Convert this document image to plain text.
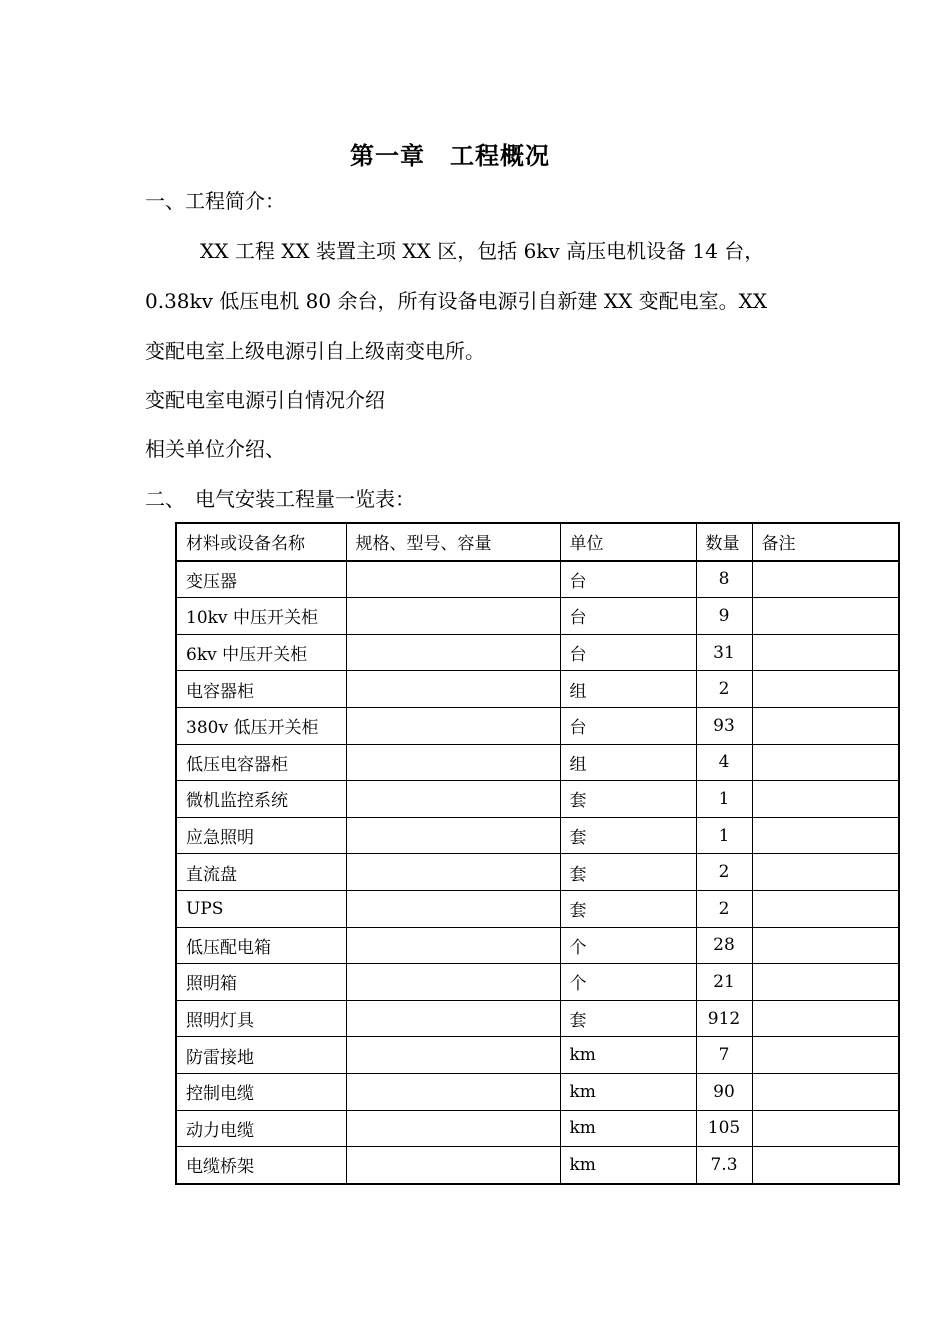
第一章　工程概况
一、工程简介：
XX 工程 XX 装置主项 XX 区，包括 6kv 高压电机设备 14 台，
0.38kv 低压电机 80 余台，所有设备电源引自新建 XX 变配电室。XX
变配电室上级电源引自上级南变电所。
变配电室电源引自情况介绍
相关单位介绍、
二、　电气安装工程量一览表：
材料或设备名称	规格、型号、容量	单位	数量	备注
变压器		台	8	
10kv 中压开关柜		台	9	
6kv 中压开关柜		台	31	
电容器柜		组	2	
380v 低压开关柜		台	93	
低压电容器柜		组	4	
微机监控系统		套	1	
应急照明		套	1	
直流盘		套	2	
UPS		套	2	
低压配电箱		个	28	
照明箱		个	21	
照明灯具		套	912	
防雷接地		km	7	
控制电缆		km	90	
动力电缆		km	105	
电缆桥架		km	7.3	
